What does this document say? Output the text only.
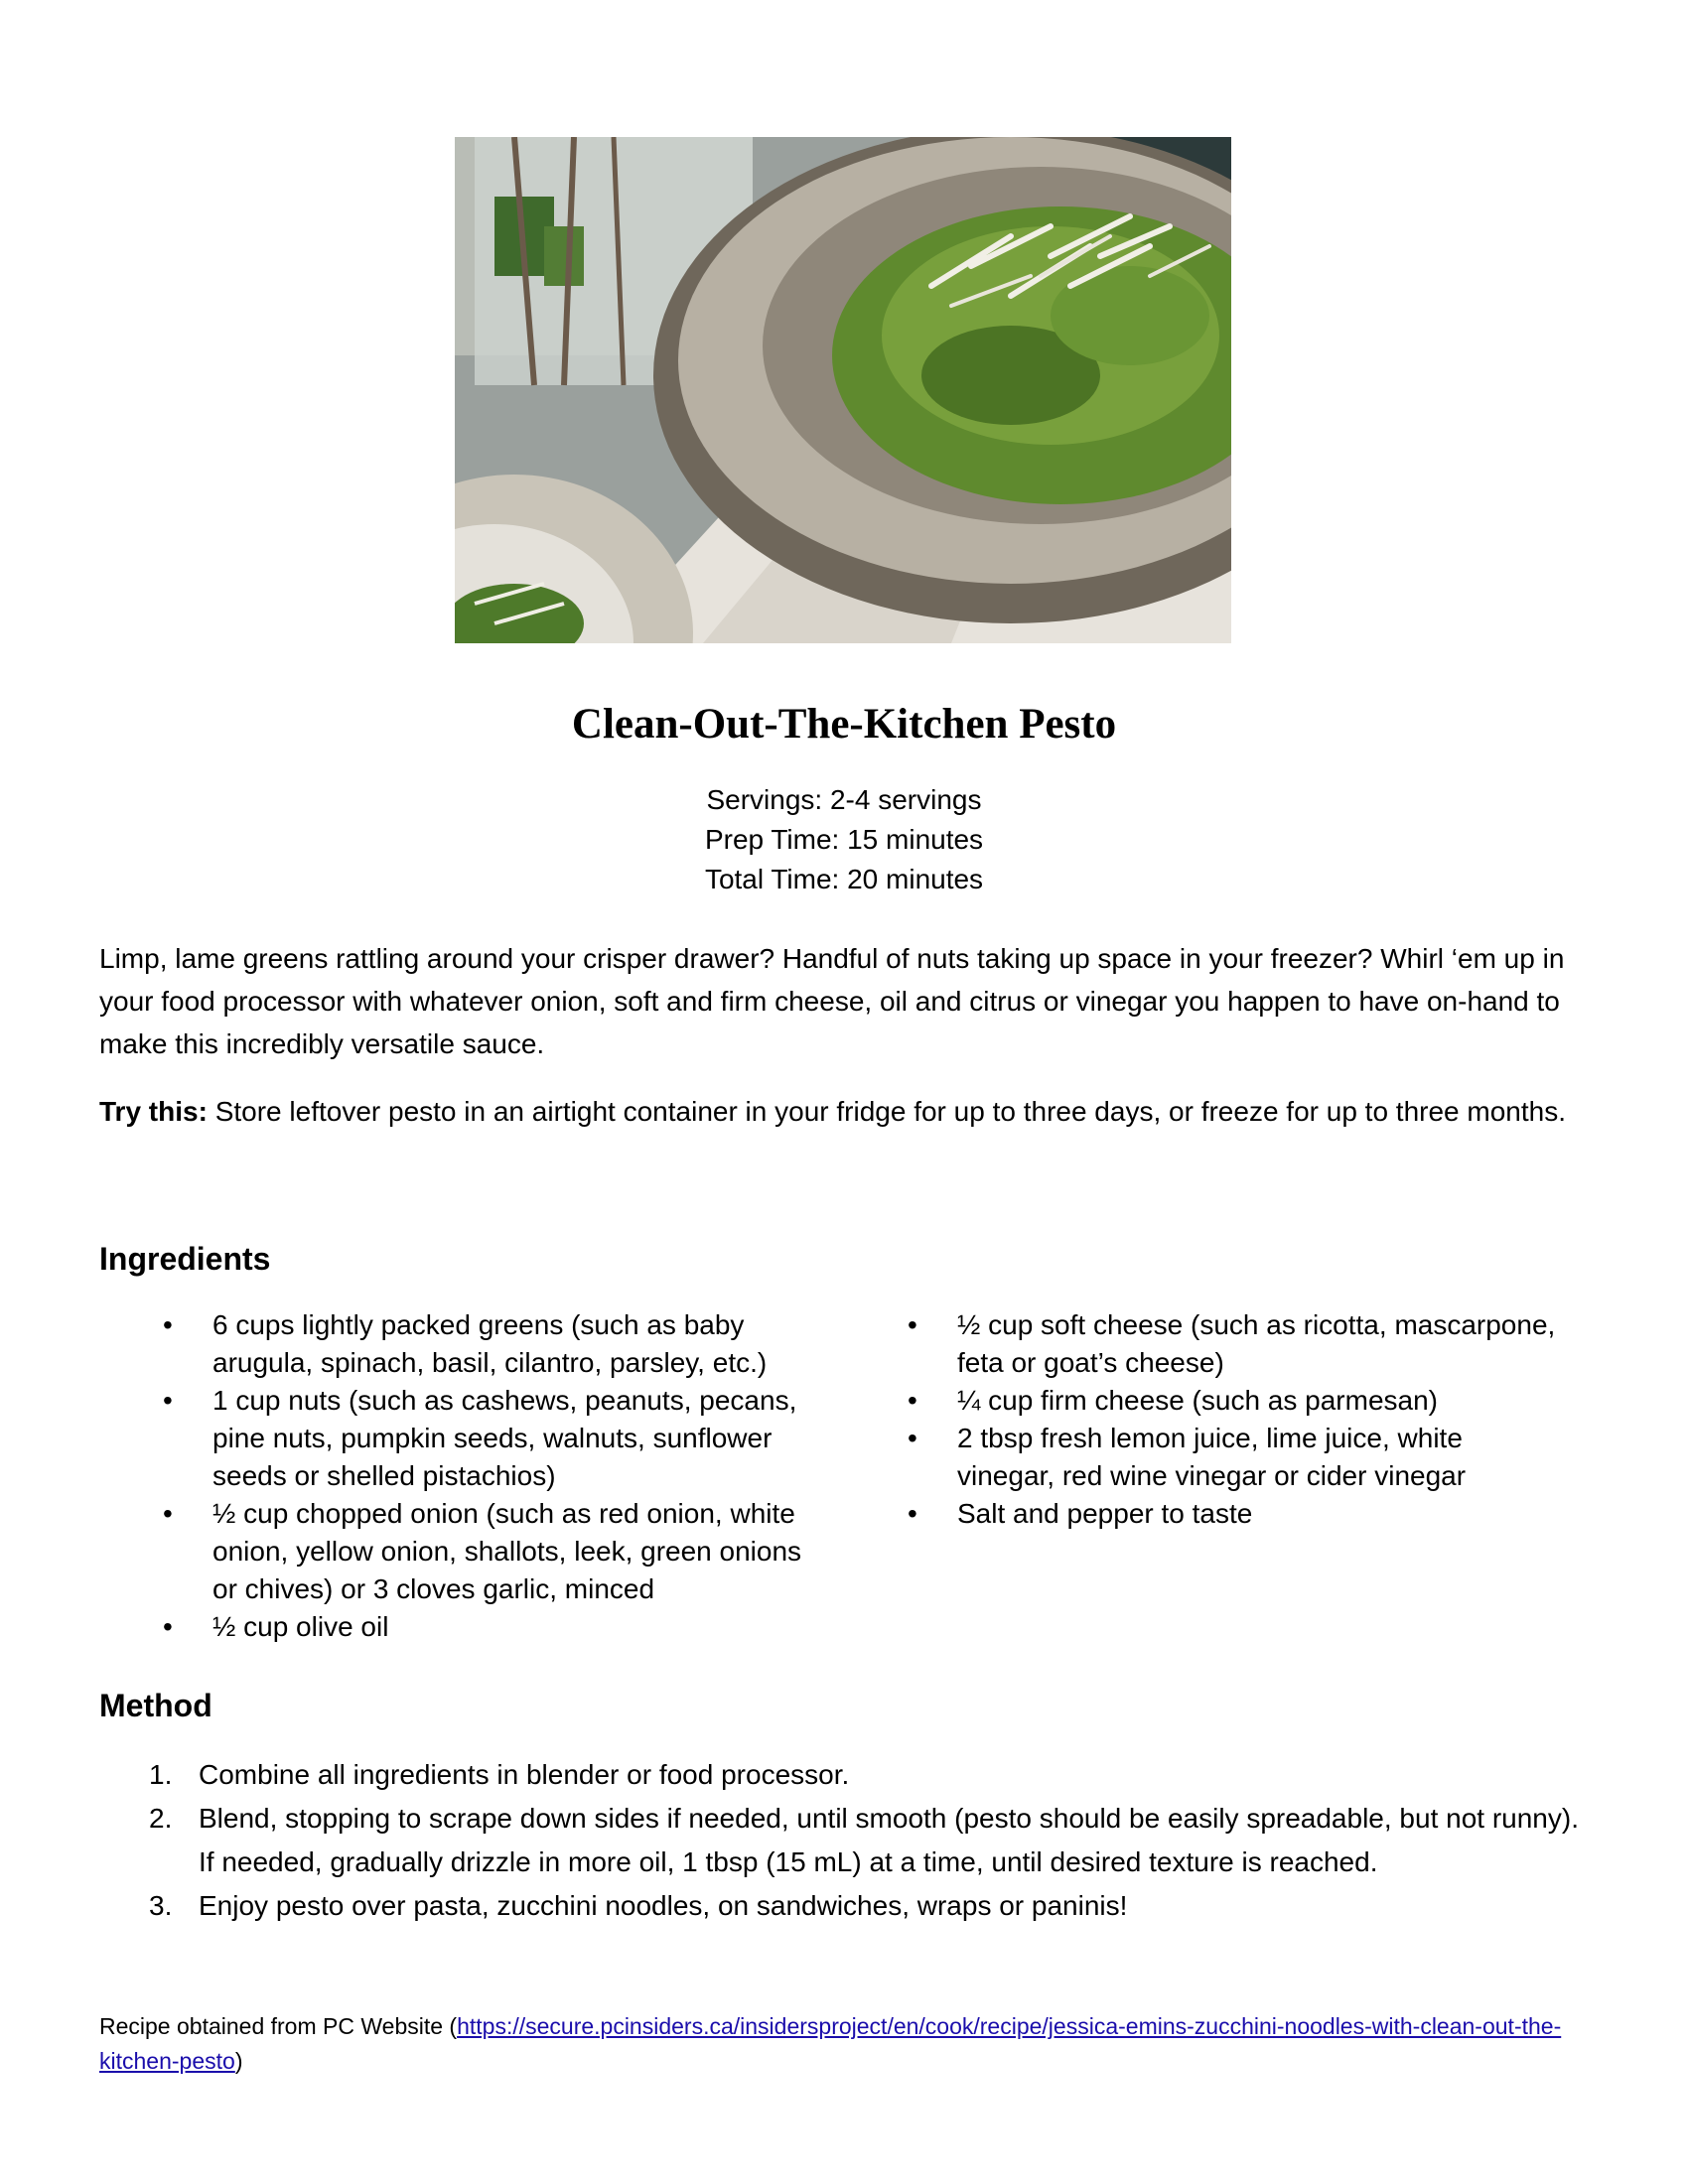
Clean-Out-The-Kitchen Pesto
Servings: 2-4 servings
Prep Time: 15 minutes
Total Time: 20 minutes
Limp, lame greens rattling around your crisper drawer? Handful of nuts taking up space in your freezer? Whirl ‘em up in your food processor with whatever onion, soft and firm cheese, oil and citrus or vinegar you happen to have on-hand to make this incredibly versatile sauce.
Try this: Store leftover pesto in an airtight container in your fridge for up to three days, or freeze for up to three months.
Ingredients
• 6 cups lightly packed greens (such as baby arugula, spinach, basil, cilantro, parsley, etc.)
• 1 cup nuts (such as cashews, peanuts, pecans, pine nuts, pumpkin seeds, walnuts, sunflower seeds or shelled pistachios)
• ½ cup chopped onion (such as red onion, white onion, yellow onion, shallots, leek, green onions or chives) or 3 cloves garlic, minced
• ½ cup olive oil
• ½ cup soft cheese (such as ricotta, mascarpone, feta or goat’s cheese)
• ¼ cup firm cheese (such as parmesan)
• 2 tbsp fresh lemon juice, lime juice, white vinegar, red wine vinegar or cider vinegar
• Salt and pepper to taste
Method
1. Combine all ingredients in blender or food processor.
2. Blend, stopping to scrape down sides if needed, until smooth (pesto should be easily spreadable, but not runny). If needed, gradually drizzle in more oil, 1 tbsp (15 mL) at a time, until desired texture is reached.
3. Enjoy pesto over pasta, zucchini noodles, on sandwiches, wraps or paninis!
Recipe obtained from PC Website (https://secure.pcinsiders.ca/insidersproject/en/cook/recipe/jessica-emins-zucchini-noodles-with-clean-out-the-kitchen-pesto)
